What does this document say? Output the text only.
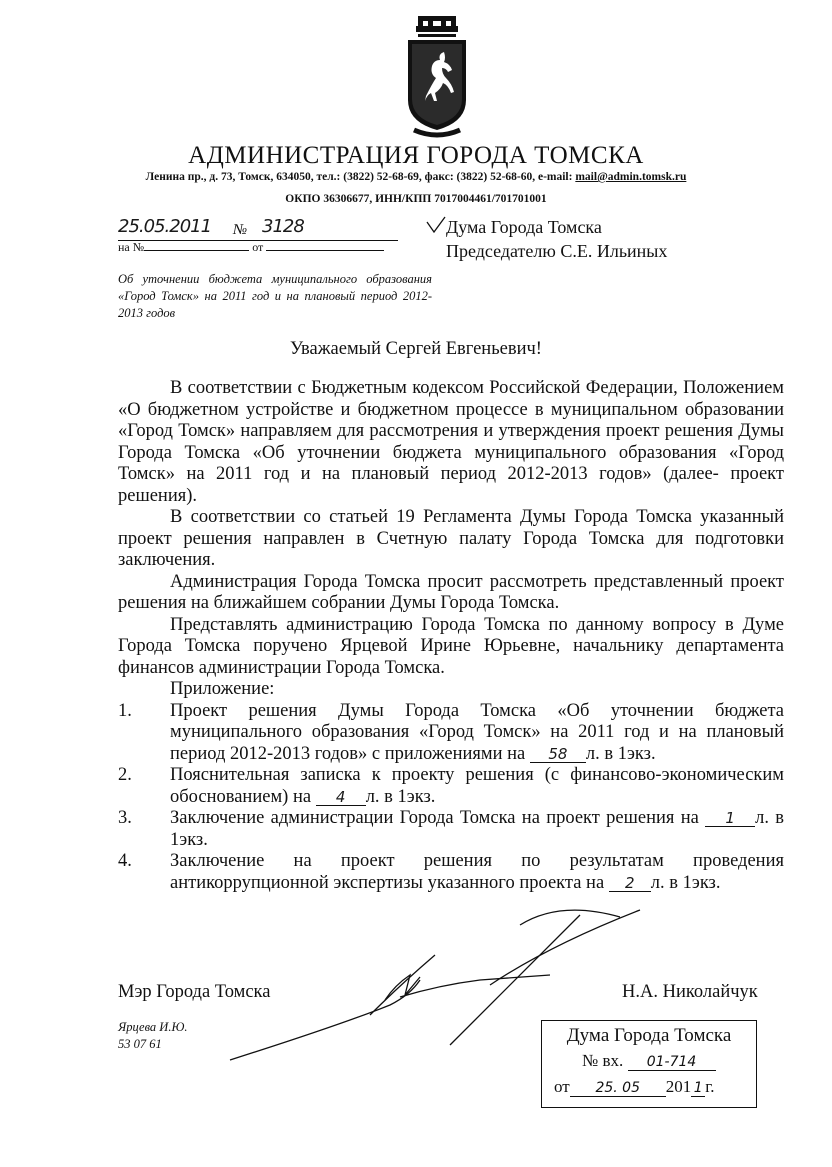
АДМИНИСТРАЦИЯ ГОРОДА ТОМСКА
Ленина пр., д. 73, Томск, 634050, тел.: (3822) 52-68-69, факс: (3822) 52-68-60, e-mail: mail@admin.tomsk.ru
ОКПО 36306677, ИНН/КПП 7017004461/701701001
25.05.2011 № 3128
на №	от
Дума Города Томска
Председателю С.Е. Ильиных
Об уточнении бюджета муниципального образования «Город Томск» на 2011 год и на плановый период 2012-2013 годов
Уважаемый Сергей Евгеньевич!

В соответствии с Бюджетным кодексом Российской Федерации, Положением «О бюджетном устройстве и бюджетном процессе в муниципальном образовании «Город Томск» направляем для рассмотрения и утверждения проект решения Думы Города Томска «Об уточнении бюджета муниципального образования «Город Томск» на 2011 год и на плановый период 2012-2013 годов» (далее- проект решения).

В соответствии со статьей 19 Регламента Думы Города Томска указанный проект решения направлен в Счетную палату Города Томска для подготовки заключения.

Администрация Города Томска просит рассмотреть представленный проект решения на ближайшем собрании Думы Города Томска.

Представлять администрацию Города Томска по данному вопросу в Думе Города Томска поручено Ярцевой Ирине Юрьевне, начальнику департамента финансов администрации Города Томска.

Приложение:

1.	Проект решения Думы Города Томска «Об уточнении бюджета муниципального образования «Город Томск» на 2011 год и на плановый период 2012-2013 годов» с приложениями на 58 л. в 1экз.
2.	Пояснительная записка к проекту решения (с финансово-экономическим обоснованием) на 4 л. в 1экз.
3.	Заключение администрации Города Томска на проект решения на 1 л. в 1экз.
4.	Заключение на проект решения по результатам проведения антикоррупционной экспертизы указанного проекта на 2 л. в 1экз.
Мэр Города Томска	Н.А. Николайчук
Ярцева И.Ю.
53 07 61	Дума Города Томска
№ вх. 01-714
от 25. 05 201 1 г.
